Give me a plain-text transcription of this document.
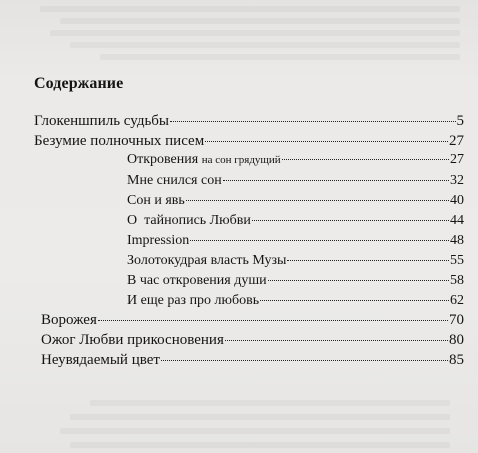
Содержание
Глокеншпиль судьбы	5
Безумие полночных писем	27
Откровения на сон грядущий	27
Мне снился сон	32
Сон и явь	40
О  тайнопись Любви	44
Impression	48
Золотокудрая власть Музы	55
В час откровения души	58
И еще раз про любовь	62
Ворожея	70
Ожог Любви прикосновения	80
Неувядаемый цвет	85
